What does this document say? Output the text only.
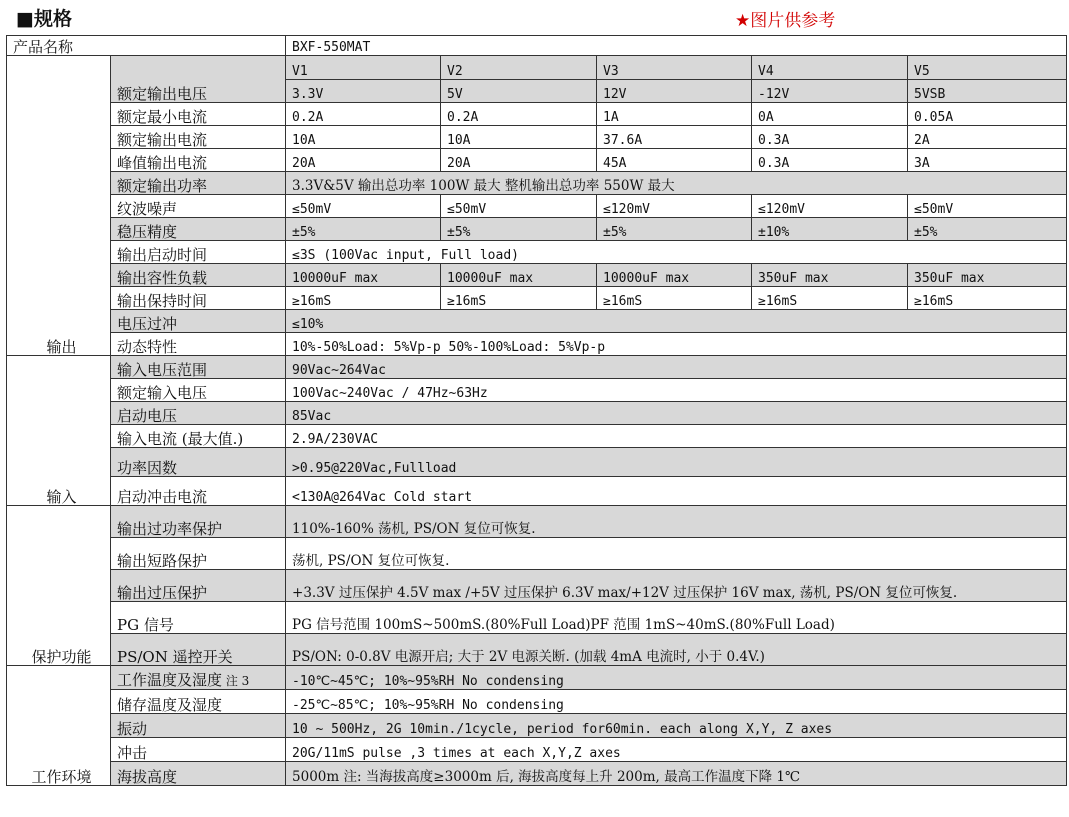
■规格	★图片供参考
产品名称		BXF-550MAT				
输出	额定输出电压	V1	V2	V3	V4	V5
		3.3V	5V	12V	-12V	5VSB
	额定最小电流	0.2A	0.2A	1A	0A	0.05A
	额定输出电流	10A	10A	37.6A	0.3A	2A
	峰值输出电流	20A	20A	45A	0.3A	3A
	额定输出功率	3.3V&5V 输出总功率 100W 最大 整机输出总功率 550W 最大				
	纹波噪声	≤50mV	≤50mV	≤120mV	≤120mV	≤50mV
	稳压精度	±5%	±5%	±5%	±10%	±5%
	输出启动时间	≤3S (100Vac input, Full load)				
	输出容性负载	10000uF max	10000uF max	10000uF max	350uF max	350uF max
	输出保持时间	≥16mS	≥16mS	≥16mS	≥16mS	≥16mS
	电压过冲	≤10%				
	动态特性	10%-50%Load: 5%Vp-p 50%-100%Load: 5%Vp-p				
输入	输入电压范围	90Vac~264Vac				
	额定输入电压	100Vac~240Vac / 47Hz~63Hz				
	启动电压	85Vac				
	输入电流 (最大值.)	2.9A/230VAC				
	功率因数	>0.95@220Vac,Fullload				
	启动冲击电流	<130A@264Vac Cold start				
保护功能	输出过功率保护	110%-160% 荡机, PS/ON 复位可恢复.				
	输出短路保护	荡机, PS/ON 复位可恢复.				
	输出过压保护	+3.3V 过压保护 4.5V max /+5V 过压保护 6.3V max/+12V 过压保护 16V max, 荡机, PS/ON 复位可恢复.				
	PG 信号	PG 信号范围 100mS~500mS.(80%Full Load)PF 范围 1mS~40mS.(80%Full Load)				
	PS/ON 遥控开关	PS/ON: 0-0.8V 电源开启; 大于 2V 电源关断. (加载 4mA 电流时, 小于 0.4V.)				
工作环境	工作温度及湿度 注 3	-10℃~45℃; 10%~95%RH No condensing				
	储存温度及湿度	-25℃~85℃; 10%~95%RH No condensing				
	振动	10 ~ 500Hz, 2G 10min./1cycle, period for60min. each along X,Y, Z axes				
	冲击	20G/11mS pulse ,3 times at each X,Y,Z axes				
	海拔高度	5000m 注: 当海拔高度≥3000m 后, 海拔高度每上升 200m, 最高工作温度下降 1℃				
